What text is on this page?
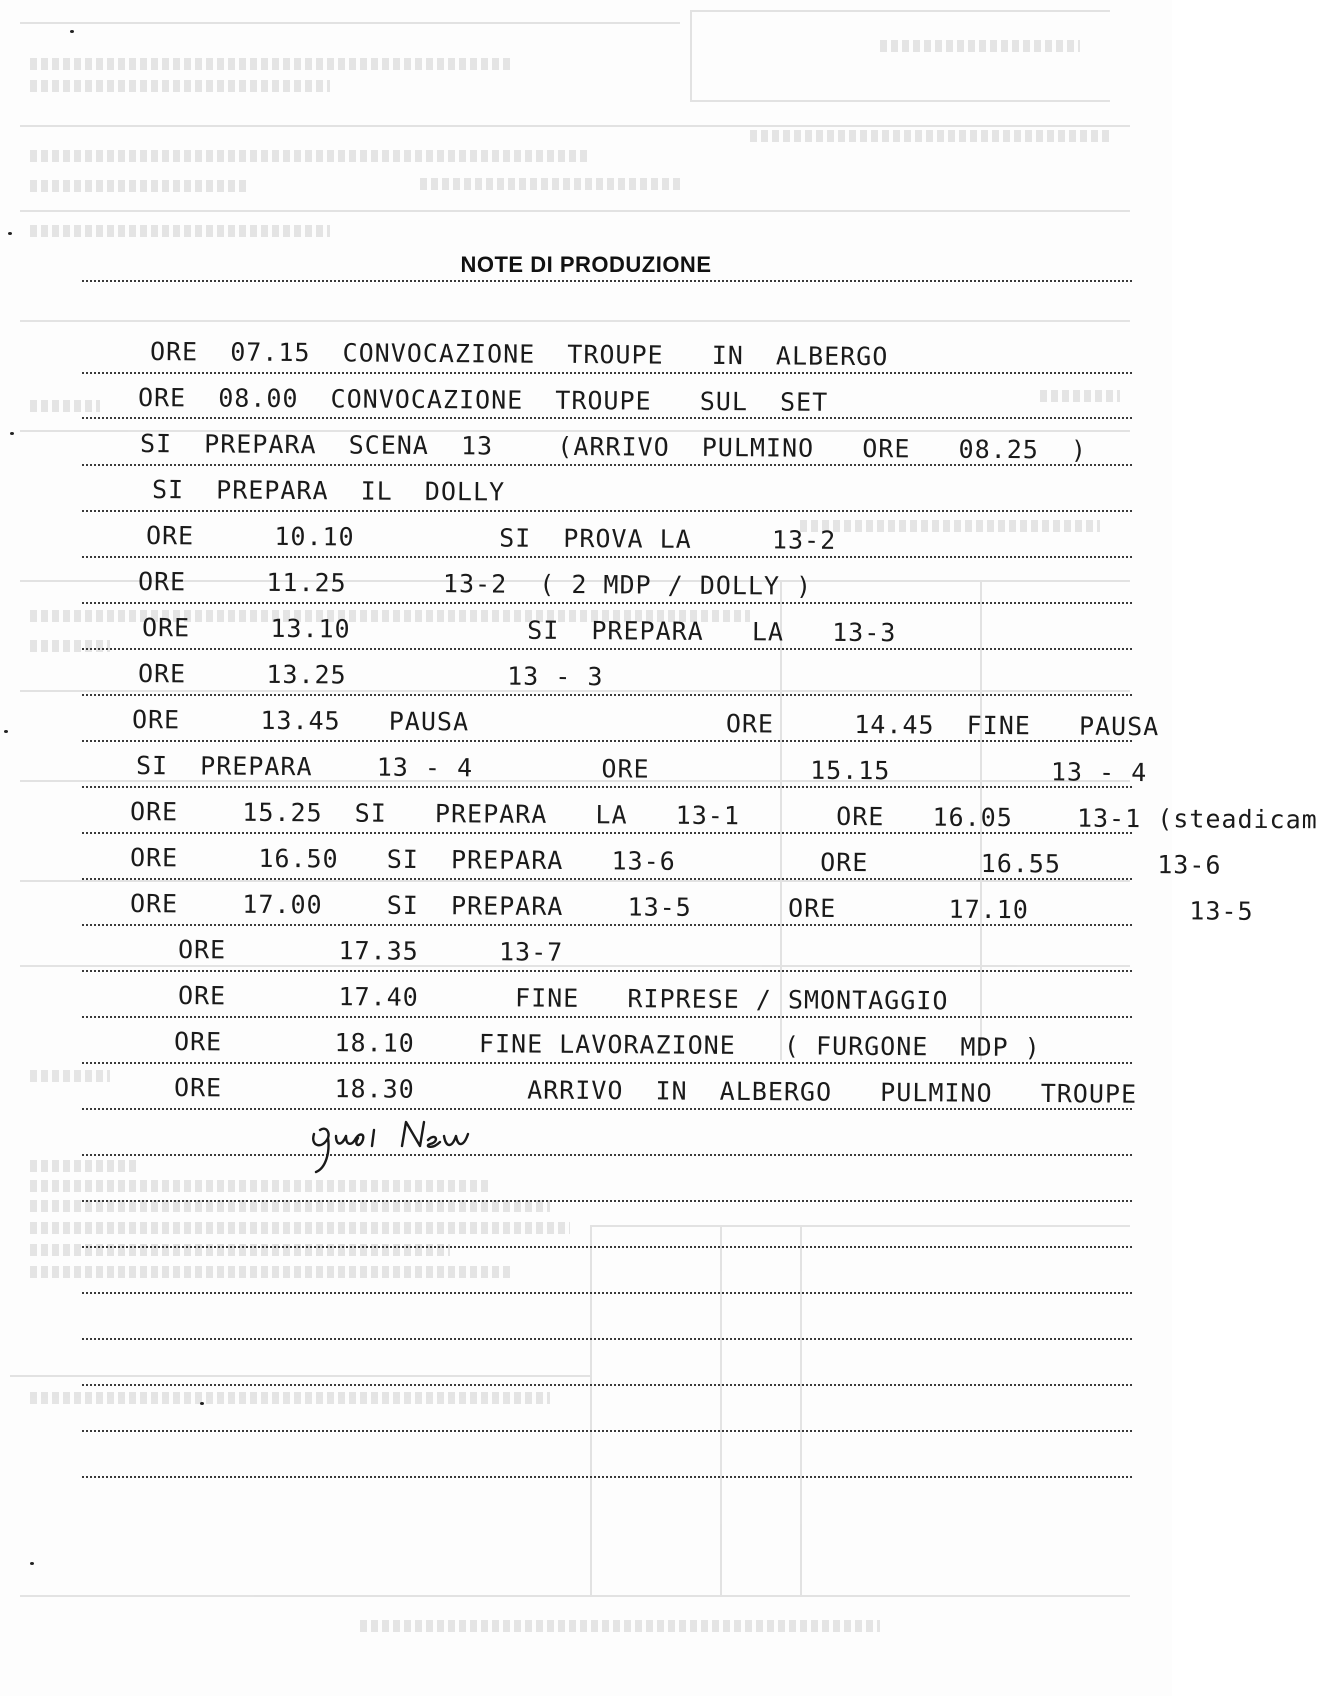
NOTE DI PRODUZIONE
ORE  07.15  CONVOCAZIONE  TROUPE   IN  ALBERGO
ORE  08.00  CONVOCAZIONE  TROUPE   SUL  SET
SI  PREPARA  SCENA  13    (ARRIVO  PULMINO   ORE   08.25  )
SI  PREPARA  IL  DOLLY
ORE     10.10         SI  PROVA LA     13-2
ORE     11.25      13-2  ( 2 MDP / DOLLY )
ORE     13.10           SI  PREPARA   LA   13-3
ORE     13.25          13 - 3
ORE     13.45   PAUSA                ORE     14.45  FINE   PAUSA
SI  PREPARA    13 - 4        ORE          15.15          13 - 4
ORE    15.25  SI   PREPARA   LA   13-1      ORE   16.05    13-1 (steadicam
ORE     16.50   SI  PREPARA   13-6         ORE       16.55      13-6
ORE    17.00    SI  PREPARA    13-5      ORE       17.10          13-5
ORE       17.35     13-7
ORE       17.40      FINE   RIPRESE / SMONTAGGIO
ORE       18.10    FINE LAVORAZIONE   ( FURGONE  MDP )
ORE       18.30       ARRIVO  IN  ALBERGO   PULMINO   TROUPE
